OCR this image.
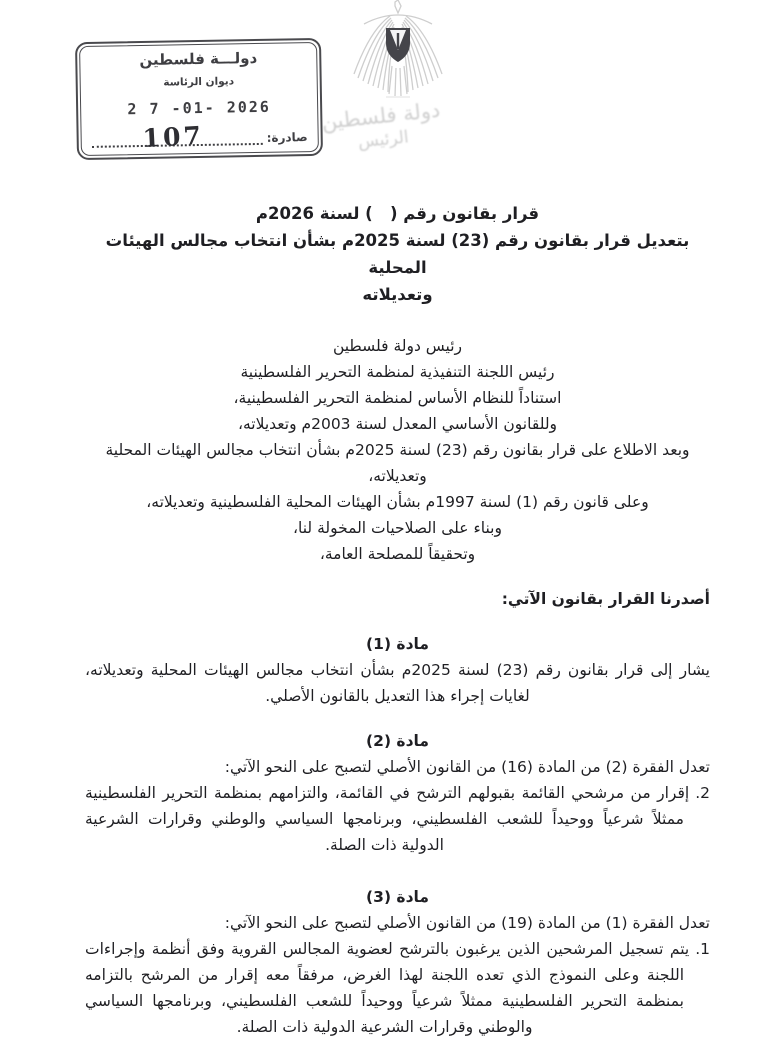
دولـــة فلسطين
ديوان الرئاسة
2 7 -01- 2026
صادرة:
107
دولة فلسطين
الرئيس
قرار بقانون رقم (   ) لسنة 2026م
بتعديل قرار بقانون رقم (23) لسنة 2025م بشأن انتخاب مجالس الهيئات المحلية
وتعديلاته
رئيس دولة فلسطين
رئيس اللجنة التنفيذية لمنظمة التحرير الفلسطينية
استناداً للنظام الأساس لمنظمة التحرير الفلسطينية،
وللقانون الأساسي المعدل لسنة 2003م وتعديلاته،
وبعد الاطلاع على قرار بقانون رقم (23) لسنة 2025م بشأن انتخاب مجالس الهيئات المحلية
وتعديلاته،
وعلى قانون رقم (1) لسنة 1997م بشأن الهيئات المحلية الفلسطينية وتعديلاته،
وبناء على الصلاحيات المخولة لنا،
وتحقيقاً للمصلحة العامة،
أصدرنا القرار بقانون الآتي:
مادة (1)

يشار إلى قرار بقانون رقم (23) لسنة 2025م بشأن انتخاب مجالس الهيئات المحلية وتعديلاته، لغايات إجراء هذا التعديل بالقانون الأصلي.

مادة (2)

تعدل الفقرة (2) من المادة (16) من القانون الأصلي لتصبح على النحو الآتي:

2.إقرار من مرشحي القائمة بقبولهم الترشح في القائمة، والتزامهم بمنظمة التحرير الفلسطينية ممثلاً شرعياً ووحيداً للشعب الفلسطيني، وبرنامجها السياسي والوطني وقرارات الشرعية الدولية ذات الصلة.

مادة (3)

تعدل الفقرة (1) من المادة (19) من القانون الأصلي لتصبح على النحو الآتي:

1.يتم تسجيل المرشحين الذين يرغبون بالترشح لعضوية المجالس القروية وفق أنظمة وإجراءات اللجنة وعلى النموذج الذي تعده اللجنة لهذا الغرض، مرفقاً معه إقرار من المرشح بالتزامه بمنظمة التحرير الفلسطينية ممثلاً شرعياً ووحيداً للشعب الفلسطيني، وبرنامجها السياسي والوطني وقرارات الشرعية الدولية ذات الصلة.
